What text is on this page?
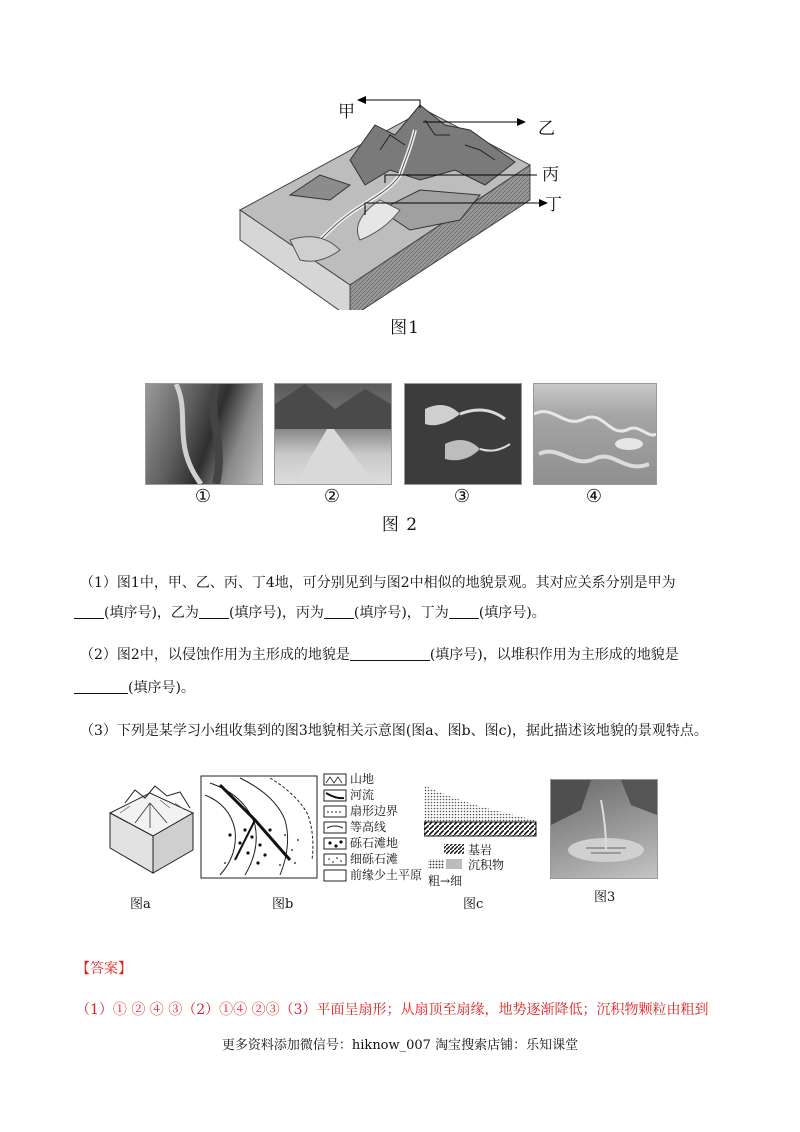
甲
乙
丙
丁
图1
①	②	③	④
图 2
（1）图1中，甲、乙、丙、丁4地，可分别见到与图2中相似的地貌景观。其对应关系分别是甲为
(填序号)，乙为 (填序号)，丙为 (填序号)，丁为 (填序号)。
（2）图2中，以侵蚀作用为主形成的地貌是	(填序号)，以堆积作用为主形成的地貌是
(填序号)。
（3）下列是某学习小组收集到的图3地貌相关示意图(图a、图b、图c)，据此描述该地貌的景观特点。
图a
山地
河流
扇形边界
等高线
砾石滩地
细砾石滩
前缘少土平原
图b
基岩
沉积物
粗→细
图c	图3
【答案】
（1）① ② ④ ③（2）①④ ②③（3）平面呈扇形；从扇顶至扇缘，地势逐渐降低；沉积物颗粒由粗到
更多资料添加微信号：hiknow_007 淘宝搜索店铺：乐知课堂
